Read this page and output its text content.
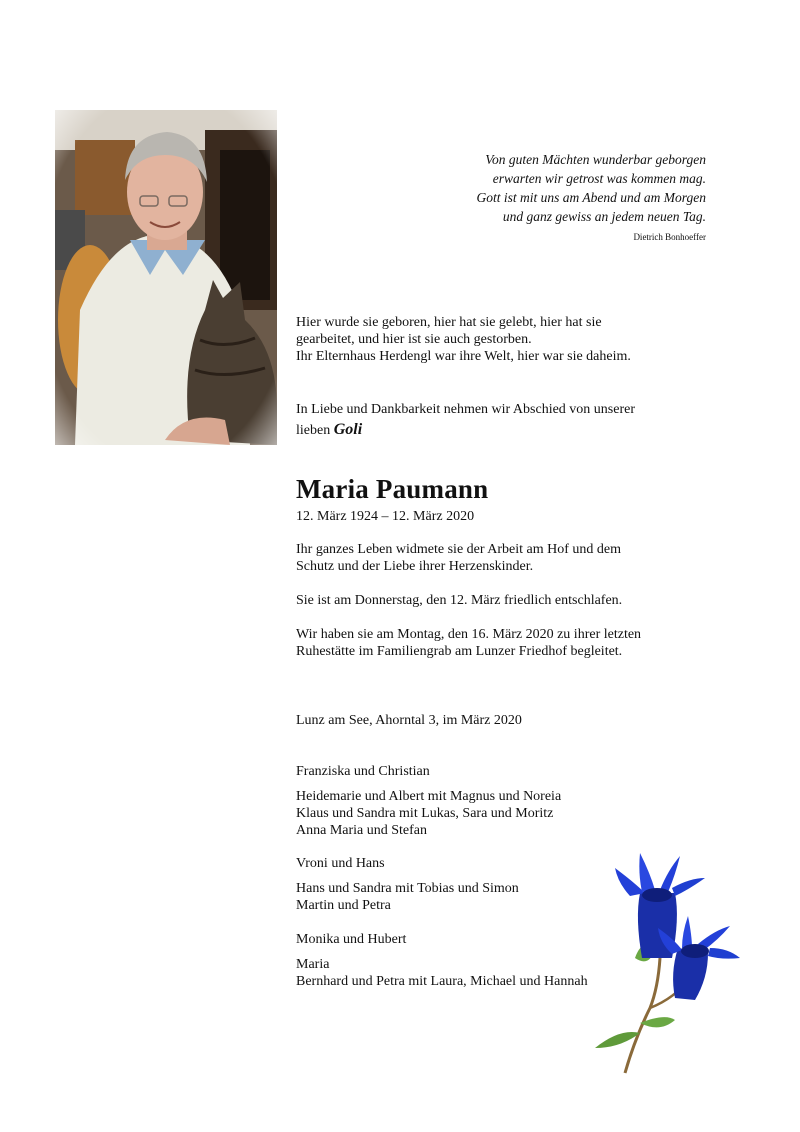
Von guten Mächten wunderbar geborgen
erwarten wir getrost was kommen mag.
Gott ist mit uns am Abend und am Morgen
und ganz gewiss an jedem neuen Tag.
Dietrich Bonhoeffer
Hier wurde sie geboren, hier hat sie gelebt, hier hat sie
gearbeitet, und hier ist sie auch gestorben.
Ihr Elternhaus Herdengl war ihre Welt, hier war sie daheim.
In Liebe und Dankbarkeit nehmen wir Abschied von unserer
lieben Goli
Maria Paumann
12. März 1924 – 12. März 2020
Ihr ganzes Leben widmete sie der Arbeit am Hof und dem
Schutz und der Liebe ihrer Herzenskinder.
Sie ist am Donnerstag, den 12. März friedlich entschlafen.
Wir haben sie am Montag, den 16. März 2020 zu ihrer letzten
Ruhestätte im Familiengrab am Lunzer Friedhof begleitet.
Lunz am See, Ahorntal 3, im März 2020
Franziska und Christian
Heidemarie und Albert mit Magnus und Noreia
Klaus und Sandra mit Lukas, Sara und Moritz
Anna Maria und Stefan
Vroni und Hans
Hans und Sandra mit Tobias und Simon
Martin und Petra
Monika und Hubert
Maria
Bernhard und Petra mit Laura, Michael und Hannah
